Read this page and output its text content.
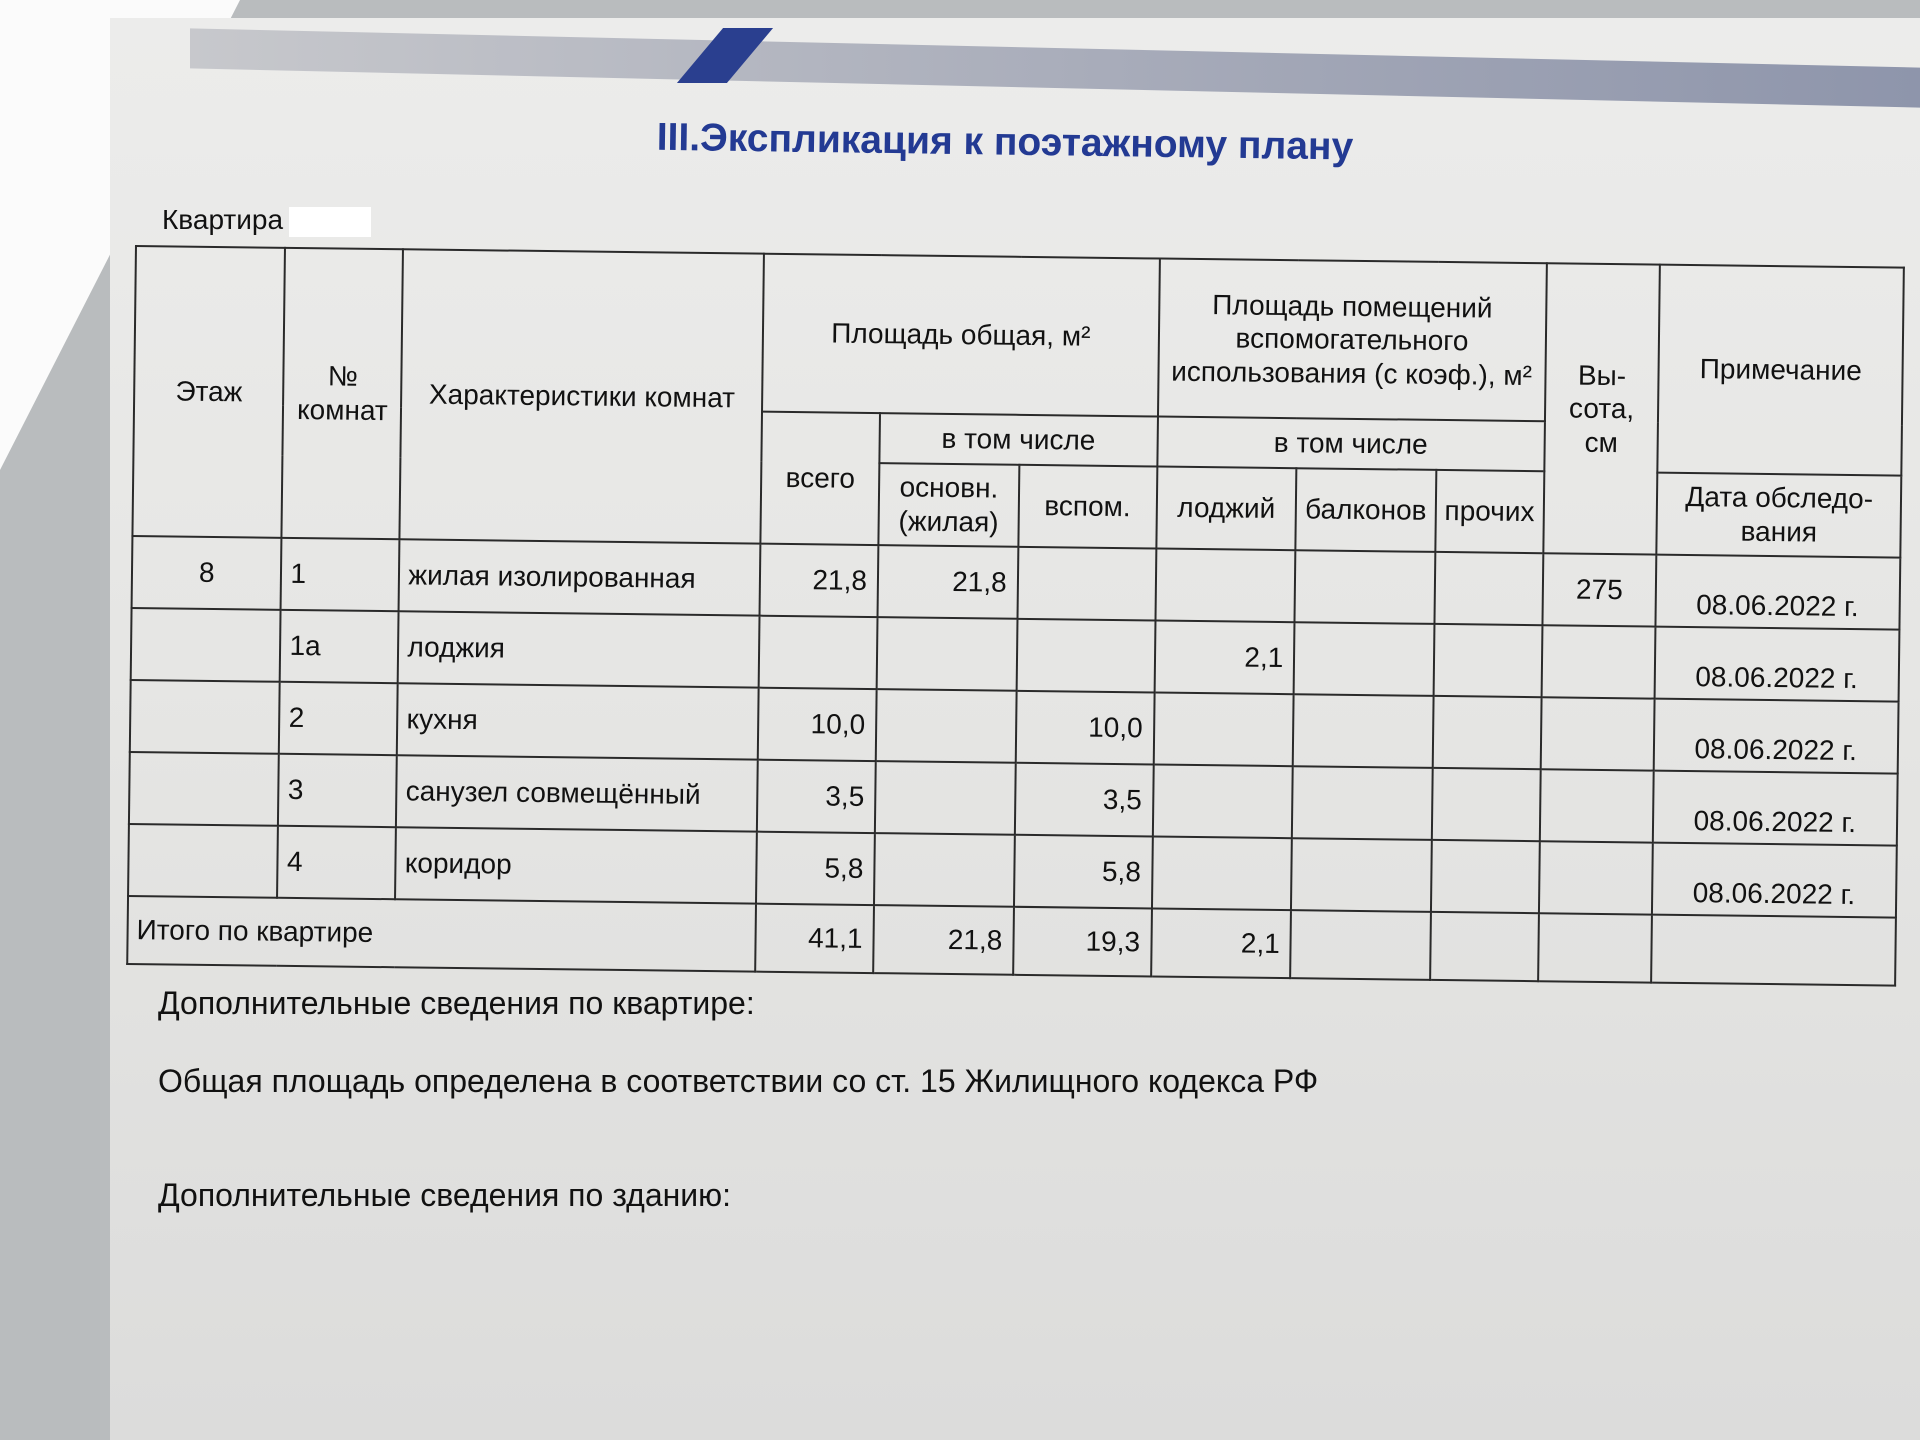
III.Экспликация к поэтажному плану
Квартира
Этаж	№ комнат	Характеристики комнат	Площадь общая, м²			Площадь помещений вспомогательного использования (с коэф.), м²			Вы-сота, см	Примечание
			всего	в том числе		в том числе				
				основн. (жилая)	вспом.	лоджий	балконов	прочих		Дата обследо-вания
8	1	жилая изолированная	21,8	21,8					275	08.06.2022 г.
	1а	лоджия				2,1				08.06.2022 г.
	2	кухня	10,0		10,0					08.06.2022 г.
	3	санузел совмещённый	3,5		3,5					08.06.2022 г.
	4	коридор	5,8		5,8					08.06.2022 г.
Итого по квартире			41,1	21,8	19,3	2,1				
Дополнительные сведения по квартире:
Общая площадь определена в соответствии со ст. 15 Жилищного кодекса РФ
Дополнительные сведения по зданию:
